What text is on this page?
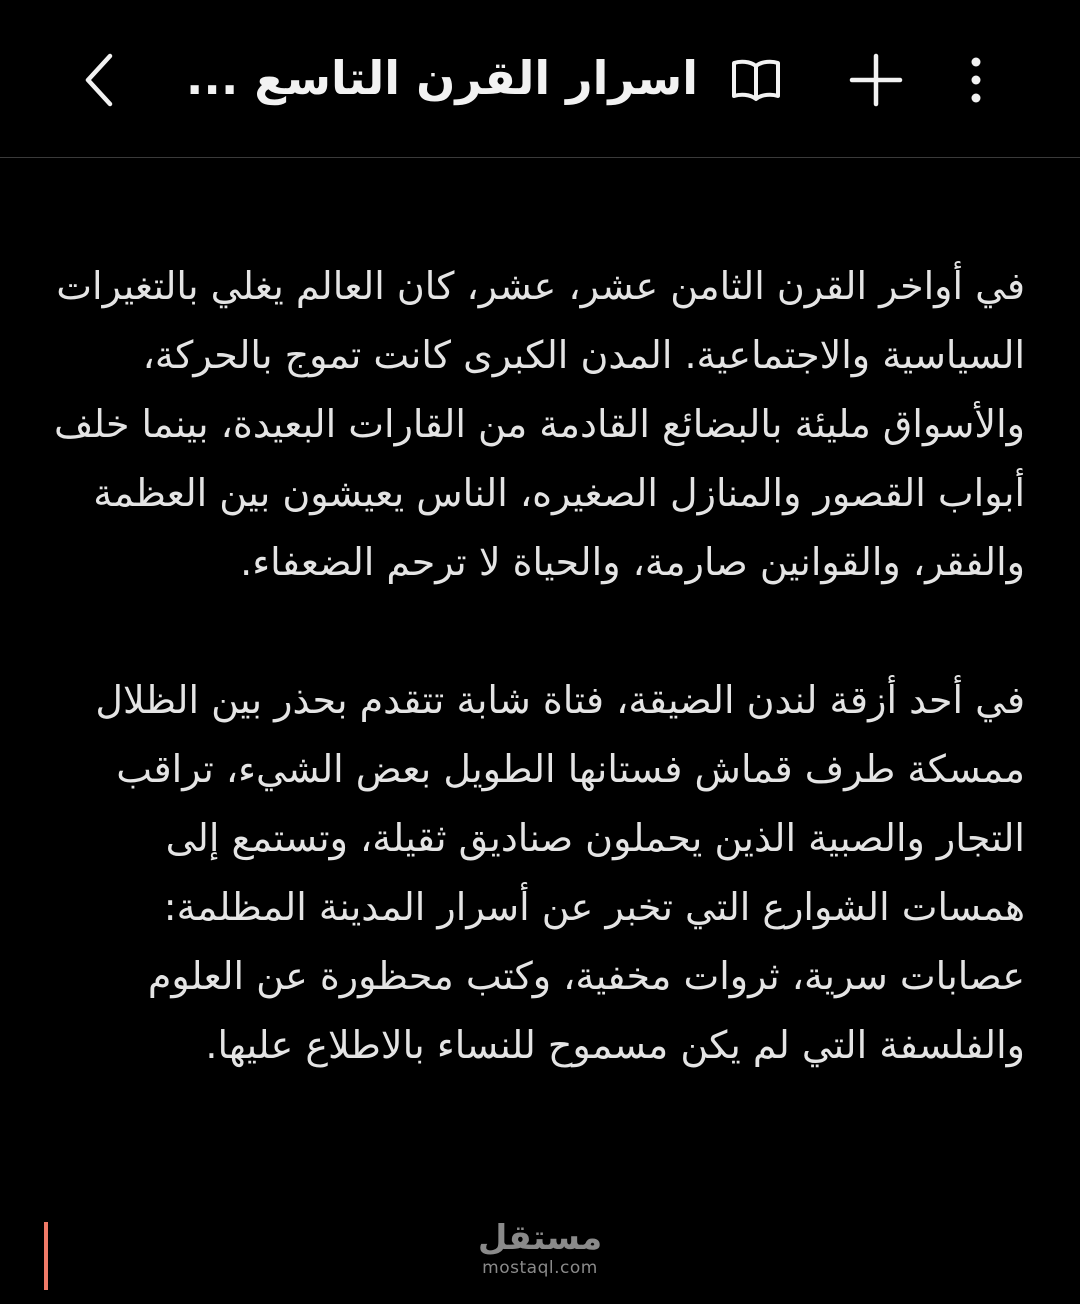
اسرار القرن التاسع ...

في أواخر القرن الثامن عشر، عشر، كان العالم يغلي بالتغيرات السياسية والاجتماعية. المدن الكبرى كانت تموج بالحركة، والأسواق مليئة بالبضائع القادمة من القارات البعيدة، بينما خلف أبواب القصور والمنازل الصغيره، الناس يعيشون بين العظمة والفقر، والقوانين صارمة، والحياة لا ترحم الضعفاء.

في أحد أزقة لندن الضيقة، فتاة شابة تتقدم بحذر بين الظلال ممسكة طرف قماش فستانها الطويل بعض الشيء، تراقب التجار والصبية الذين يحملون صناديق ثقيلة، وتستمع إلى همسات الشوارع التي تخبر عن أسرار المدينة المظلمة: عصابات سرية، ثروات مخفية، وكتب محظورة عن العلوم والفلسفة التي لم يكن مسموح للنساء بالاطلاع عليها.

مستقل
mostaql.com
